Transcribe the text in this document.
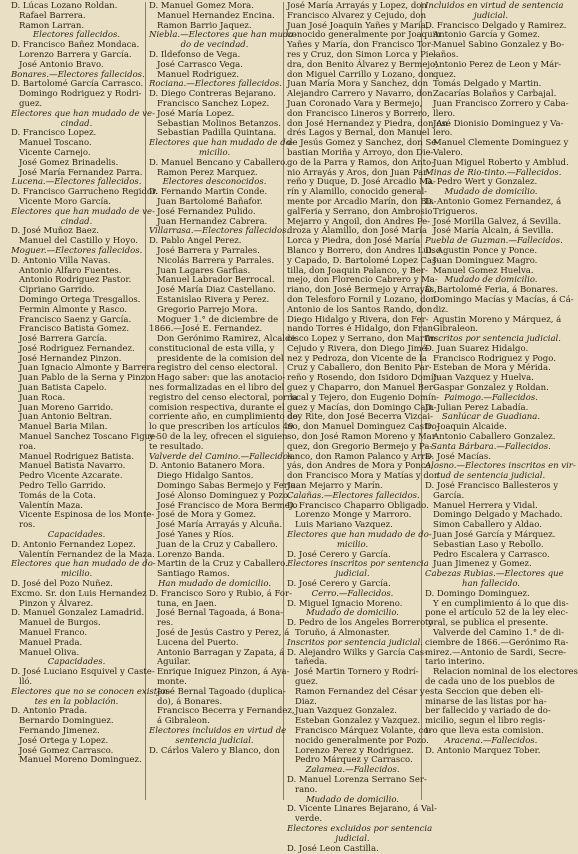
D. Lúcas Lozano Roldan.
Rafael Barrera.
Ramon Larran.
Electores fallecidos.
D. Francisco Bañez Mondaca.
Lorenzo Barrera y García.
José Antonio Bravo.
Bonares.—Electores fallecidos.
D. Bartolomé García Carrasco.
Domingo Rodriguez y Rodri-
guez.
Electores que han mudado de ve-
cindad.
D. Francisco Lopez.
Manuel Toscano.
Vicente Carnejo.
José Gomez Brinadelis.
José María Fernandez Parra.
Lucena.—Electores fallecidos.
D. Francisco Garrucheno Regidor.
Vicente Moro García.
Electores que han mudado de ve-
cindad.
D. José Muñoz Baez.
Manuel del Castillo y Hoyo.
Moguer.—Electores fallecidos.
D. Antonio Villa Navas.
Antonio Alfaro Fuentes.
Antonio Rodriguez Pastor.
Cipriano Garrido.
Domingo Ortega Tresgallos.
Fermin Almonte y Rasco.
Francisco Saenz y García.
Francisco Batista Gomez.
José Barrera García.
José Rodriguez Fernandez.
José Hernandez Pinzon.
Juan Ignacio Almonte y Barrera
Juan Pablo de la Serna y Pinzon
Juan Batista Capelo.
Juan Roca.
Juan Moreno Garrido.
Juan Antonio Beltran.
Manuel Baria Milan.
Manuel Sanchez Toscano Figue-
roa.
Manuel Rodriguez Batista.
Manuel Batista Navarro.
Pedro Vicente Azcarate.
Pedro Tello Garrido.
Tomás de la Cota.
Valentín Maza.
Vicente Espinosa de los Monte-
ros.
Capacidades.
D. Antonio Fernandez Lopez.
Valentín Fernandez de la Maza.
Electores que han mudado de do-
micilio.
D. José del Pozo Nuñez.
Excmo. Sr. don Luis Hernandez
Pinzon y Álvarez.
D. Manuel Gonzalez Lamadrid.
Manuel de Burgos.
Manuel Franco.
Manuel Prada.
Manuel Oliva.
Capacidades.
D. José Luciano Esquivel y Caste-
lló.
Electores que no se conocen existen-
tes en la población.
D. Antonio Prada.
Bernardo Dominguez.
Fernando Jimenez.
José Ortega y Lopez.
José Gomez Carrasco.
Manuel Moreno Dominguez.
D. Manuel Gomez Mora.
Manuel Hernandez Encina.
Ramon Barrio Jaquez.
Niebla.—Electores que han muda-
do de vecindad.
D. Ildefonso de Vega.
José Carrasco Vega.
Manuel Rodriguez.
Rociana.—Electores fallecidos.
D. Diego Contreras Bejarano.
Francisco Sanchez Lopez.
José María Lopez.
Sebastian Molinos Betanzos.
Sebastian Padilla Quintana.
Electores que han mudado de do-
micilio.
D. Manuel Bencano y Caballero.
Ramon Perez Marquez.
Electores desconocidos.
D. Fernando Martin Conde.
Juan Bartolomé Bañafor.
José Fernandez Pulido.
Juan Hernandez Cabrera.
Villarrasa.—Electores fallecidos.
D. Pablo Angel Perez.
José Barrera y Parrales.
Nicolás Barrera y Parrales.
Juan Lagares Garfias.
Manuel Labrador Berrocal.
José María Diaz Castellano.
Estanislao Rivera y Perez.
Gregorio Parrejo Mora.
Moguer 1.° de diciembre de
1866.—José E. Fernandez.
Don Gerónimo Ramirez, Alcalde
constitucional de esta villa, y
presidente de la comision del
registro del censo electoral.
Hago saber: que las anotacio-
nes formalizadas en el libro del
registro del censo electoral, por la
comision respectiva, durante el
corriente año, en cumplimiento de
lo que prescriben los artículos 49
y 50 de la ley, ofrecen el siguien-
te resultado.
Valverde del Camino.—Fallecidos.
D. Antonio Batanero Mora.
Diego Hidalgo Santos.
Domingo Sabas Bermejo y Feria.
José Alonso Dominguez y Pozo.
José Francisco de Mora Bermejo
José de Mora y Gomez.
José María Arrayás y Alcuña.
José Yanes y Ríos.
Juan de la Cruz y Caballero.
Lorenzo Banda.
Martin de la Cruz y Caballero.
Santiago Ramos.
Han mudado de domicilio.
D. Francisco Soro y Rubio, á For-
tuna, en Jaen.
José Bernal Tagoada, á Bona-
res.
José de Jesús Castro y Perez, á
Lucena del Puerto.
Antonio Barragan y Zapata, á
Aguilar.
Enrique Iniguez Pinzon, á Aya-
monte.
José Bernal Tagoado (duplica-
do), á Bonares.
Francisco Becerra y Fernandez,
á Gibraleon.
Electores incluidos en virtud de
sentencia judicial.
D. Cárlos Valero y Blanco, don
José María Arrayás y Lopez, don
Francisco Alvarez y Cejudo, don
Juan José Joaquin Yañes y María,
conocido generalmente por Joaquin
Yañes y María, don Francisco Tor-
res y Cruz, don Simon Lorca y Pie-
dra, don Benito Álvarez y Bermejo,
don Miguel Carrillo y Lozano, don
Juan María Mora y Sanchez, don
Alejandro Carrero y Navarro, don
Juan Coronado Vara y Bermejo,
don Francisco Lineros y Borrero,
don José Hernandez y Piedra, don An-
drés Lagos y Bernal, don Manuel
de Jesús Gomez y Sanchez, don Se-
bastian Moriña y Arroyo, don Die-
go de la Parra y Ramos, don Anto-
nio Arrayás y Aros, don Juan Par-
reño y Duque, D. José Arcadio Ma-
rín y Alamillo, conocido general-
mente por Arcadio Marín, don Bis-
galFeria y Serrano, don Ambrosio
Mejarro y Angoil, don Andres Pe-
droza y Alamillo, don José María
Lorca y Piedra, don José María
Blanco y Borrero, don Andres Luiso
y Capado, D. Bartolomé Lopez Cas-
tilla, don Joaquin Palanco, y Ber-
mejo, don Florencio Cabrero y Ma-
riano, don José Bermejo y Arrayás,
don Telesforo Fornil y Lozano, don
Antonio de los Santos Rando, don
Diego Hidalgo y Rivera, don Fer-
nando Torres é Hidalgo, don Fran-
cisco Lopez y Serrano, don Martin
Cejudo y Rivera, don Diego Jimé-
nez y Pedroza, don Vicente de la
Cruz y Caballero, don Benito Par-
reño y Rosendo, don Isidoro Domín-
guez y Chaparro, don Manuel Ber-
rocal y Tejero, don Eugenio Domín-
guez y Macías, don Domingo Caju-
doy Rite, don José Becerra Vizcai-
no, don Manuel Dominguez Castro-
so, don José Ramon Moreno y Mar-
quez, don Gregorio Bermejo y Pa-
lanco, don Ramon Palanco y Arra-
yás, don Andres de Mora y Ponce,
don Francisco Mora y Matías y don
Juan Mejarro y Marín.
Calañas.—Electores fallecidos.
D. Francisco Chaparro Obligado.
Lorenzo Monge y Marroro.
Luis Mariano Vazquez.
Electores que han mudado de do-
micilio.
D. José Cerero y García.
Electores inscritos por sentencia
judicial.
D. José Cerero y García.
Cerro.—Fallecidos.
D. Miguel Ignacio Moreno.
Mudado de domicilio.
D. Pedro de los Angeles Borrero y
Toruño, á Almonaster.
Inscritos por sentencia judicial.
D. Alejandro Wilks y García Cas-
tañeda.
José Martin Tornero y Rodrí-
guez.
Ramon Fernandez del César y
Diaz.
Juan Vazquez Gonzalez.
Esteban Gonzalez y Vazquez.
Francisco Márquez Volante, co-
nocido generalmente por Pozo.
Lorenzo Perez y Rodriguez.
Pedro Márquez y Carrasco.
Zalamea.—Fallecidos.
D. Manuel Lorenza Serrano Ser-
rano.
Mudado de domicilio.
D. Vicente Linares Bejarano, á Val-
verde.
Electores excluidos por sentencia
judicial.
D. José Leon Castilla.
Incluidos en virtud de sentencia
judicial.
D. Francisco Delgado y Ramirez.
Antonio García y Gomez.
Manuel Sabino Gonzalez y Bo-
laños.
Antonio Perez de Leon y Már-
quez.
Tomás Delgado y Martin.
Zacarías Bolaños y Carbajal.
Juan Francisco Zorrero y Caba-
llero.
José Dionisio Dominguez y Va-
lero.
Manuel Clemente Dominguez y
Valero.
Juan Miguel Roberto y Amblud.
Minas de Rio-tinto.—Fallecidos.
D. Pedro Wert y Gonzalez.
Mudado de domicilio.
D. Antonio Gomez Fernandez, á
Trigueros.
José Morilla Galvez, á Sevilla.
José María Alcain, á Sevilla.
Puebla de Guzman.—Fallecidos.
D. Agustin Ponce y Ponce.
Juan Dominguez Magro.
Manuel Gomez Huelva.
Mudado de domicilio.
D. Bartolomé Feria, á Bonares.
Domingo Macías y Macías, á Cá-
diz.
Agustin Moreno y Márquez, á
Gibraleon.
Inscritos por sentencia judicial.
D. Juan Suarez Hidalgo.
Francisco Rodriguez y Pogo.
Esteban de Mora y Mérida.
Juan Vazquez y Huelva.
Gaspar Gonzalez y Roldan.
Paimogo.—Fallecidos.
D. Julian Perez Labadía.
Sanlúcar de Guadiana.
D. Joaquin Alcaide.
Antonio Caballero Gonzalez.
Santa Bárbara.—Fallecidos.
D. José Macías.
Alosno.—Electores inscritos en vir-
tud de sentencia judicial.
D. José Francisco Ballesteros y
García.
Manuel Herrera y Vidal.
Domingo Delgado y Machado.
Simon Caballero y Aldao.
Juan José García y Márquez.
Sebastian Laso y Rebollo.
Pedro Escalera y Carrasco.
Juan Jimenez y Gomez.
Cabezas Rubias.—Electores que
han fallecido.
D. Domingo Dominguez.
Y en cumplimiento á lo que dis-
pone el artículo 52 de la ley elec-
toral, se publica el presente.
Valverde del Camino 1.° de di-
ciembre de 1866.—Gerónimo Ra-
mirez.—Antonio de Sardi, Secre-
tario interino.
Relacion nominal de los electores
de cada uno de los pueblos de
esta Seccion que deben eli-
minarse de las listas por ha-
ber fallecido y variado de do-
micilio, segun el libro regis-
tro que lleva esta comision.
Aracena.—Fallecidos.
D. Antonio Marquez Tober.
